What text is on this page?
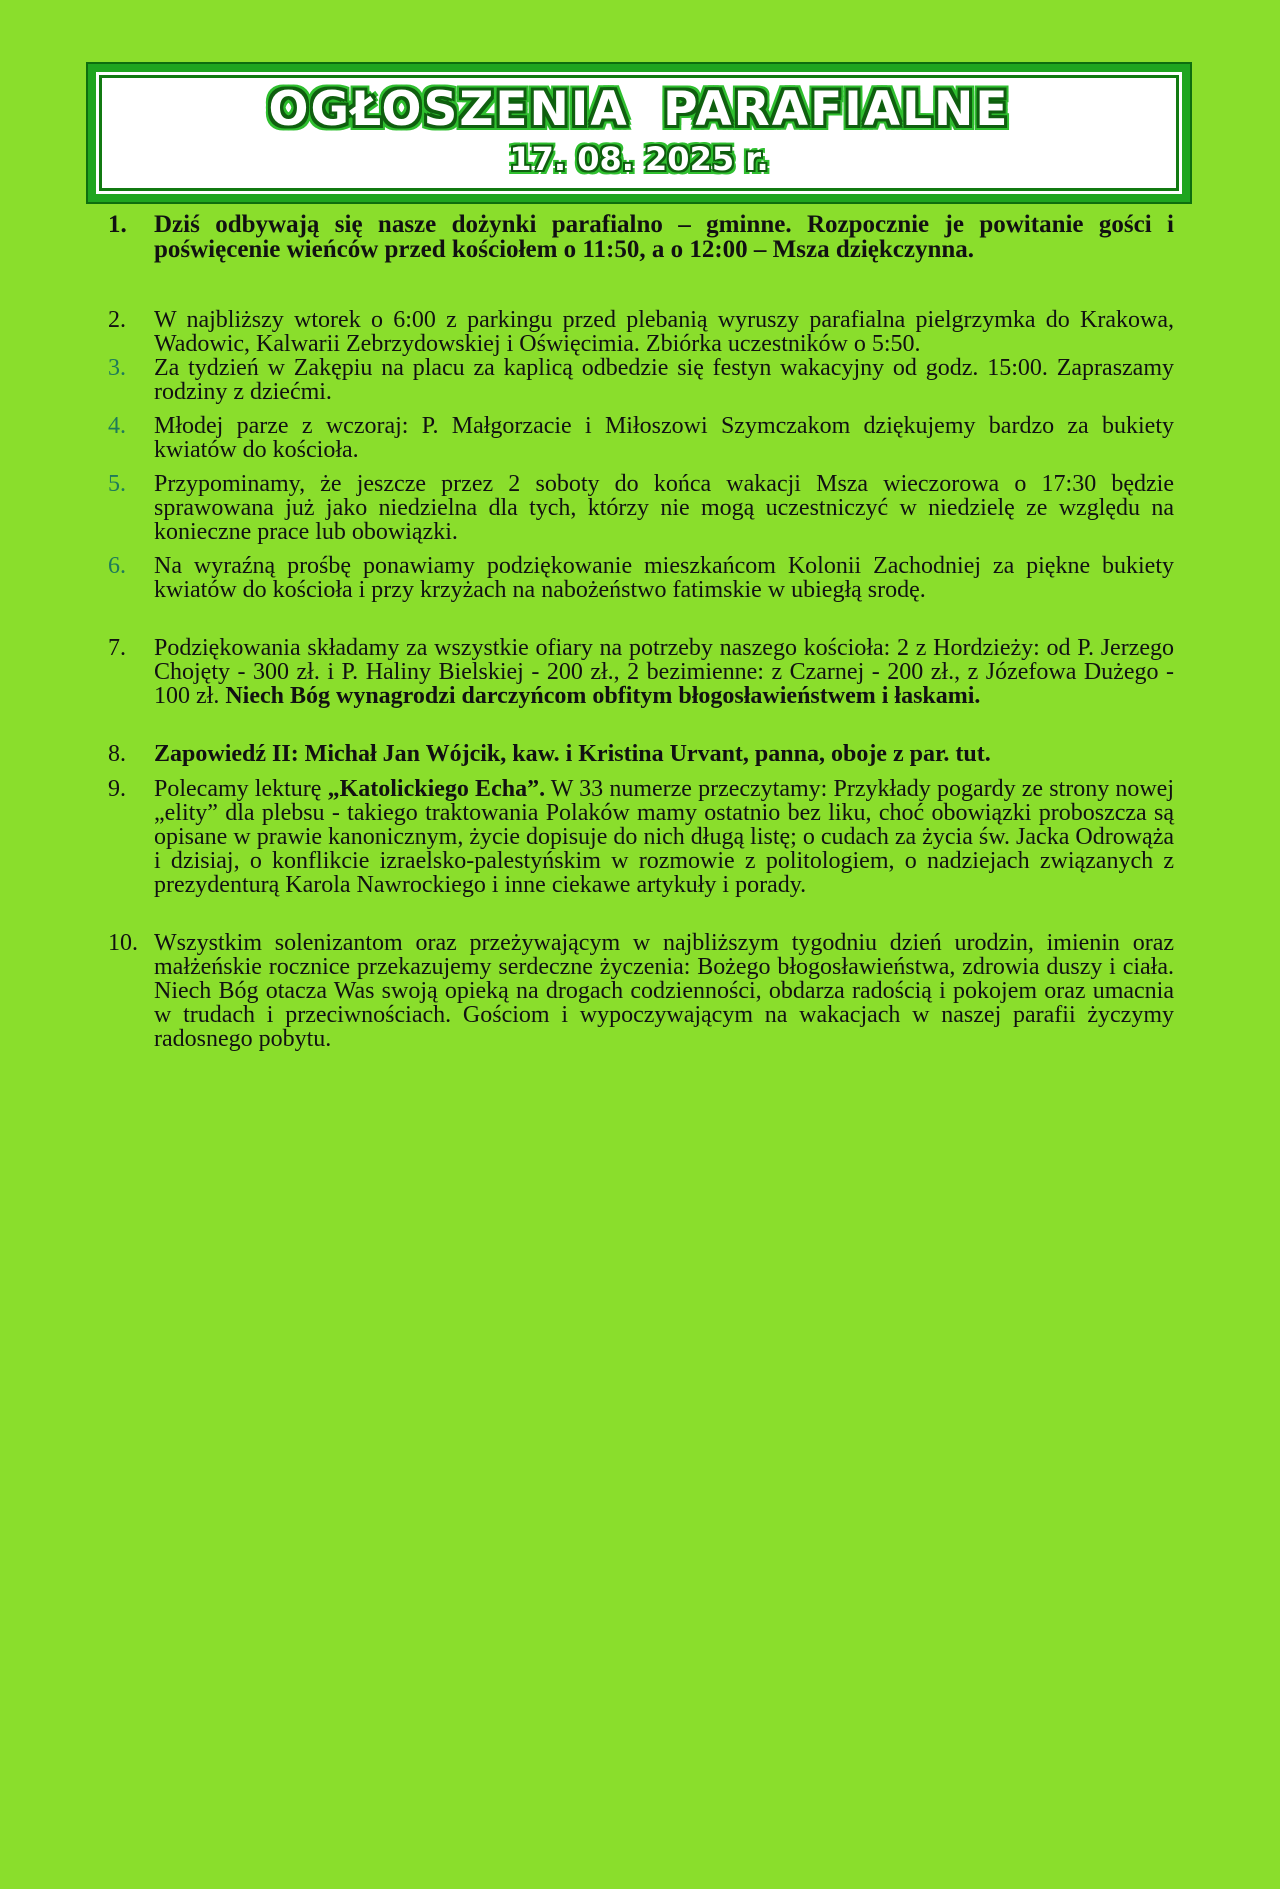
OGŁOSZENIA PARAFIALNE
17. 08. 2025 r.
1. Dziś odbywają się nasze dożynki parafialno – gminne. Rozpocznie je powitanie gości i poświęcenie wieńców przed kościołem o 11:50, a o 12:00 – Msza dziękczynna.
2. W najbliższy wtorek o 6:00 z parkingu przed plebanią wyruszy parafialna pielgrzymka do Krakowa, Wadowic, Kalwarii Zebrzydowskiej i Oświęcimia. Zbiórka uczestników o 5:50.
3. Za tydzień w Zakępiu na placu za kaplicą odbedzie się festyn wakacyjny od godz. 15:00. Zapraszamy rodziny z dziećmi.
4. Młodej parze z wczoraj: P. Małgorzacie i Miłoszowi Szymczakom dziękujemy bardzo za bukiety kwiatów do kościoła.
5. Przypominamy, że jeszcze przez 2 soboty do końca wakacji Msza wieczorowa o 17:30 będzie sprawowana już jako niedzielna dla tych, którzy nie mogą uczestniczyć w niedzielę ze względu na konieczne prace lub obowiązki.
6. Na wyraźną prośbę ponawiamy podziękowanie mieszkańcom Kolonii Zachodniej za piękne bukiety kwiatów do kościoła i przy krzyżach na nabożeństwo fatimskie w ubiegłą srodę.
7. Podziękowania składamy za wszystkie ofiary na potrzeby naszego kościoła: 2 z Hordzieży: od P. Jerzego Chojęty - 300 zł. i P. Haliny Bielskiej - 200 zł., 2 bezimienne: z Czarnej - 200 zł., z Józefowa Dużego - 100 zł. Niech Bóg wynagrodzi darczyńcom obfitym błogosławieństwem i łaskami.
8. Zapowiedź II: Michał Jan Wójcik, kaw. i Kristina Urvant, panna, oboje z par. tut.
9. Polecamy lekturę „Katolickiego Echa”. W 33 numerze przeczytamy: Przykłady pogardy ze strony nowej „elity” dla plebsu - takiego traktowania Polaków mamy ostatnio bez liku, choć obowiązki proboszcza są opisane w prawie kanonicznym, życie dopisuje do nich długą listę; o cudach za życia św. Jacka Odrowąża i dzisiaj, o konflikcie izraelsko-palestyńskim w rozmowie z politologiem, o nadziejach związanych z prezydenturą Karola Nawrockiego i inne ciekawe artykuły i porady.
10. Wszystkim solenizantom oraz przeżywającym w najbliższym tygodniu dzień urodzin, imienin oraz małżeńskie rocznice przekazujemy serdeczne życzenia: Bożego błogosławieństwa, zdrowia duszy i ciała. Niech Bóg otacza Was swoją opieką na drogach codzienności, obdarza radością i pokojem oraz umacnia w trudach i przeciwnościach. Gościom i wypoczywającym na wakacjach w naszej parafii życzymy radosnego pobytu.
